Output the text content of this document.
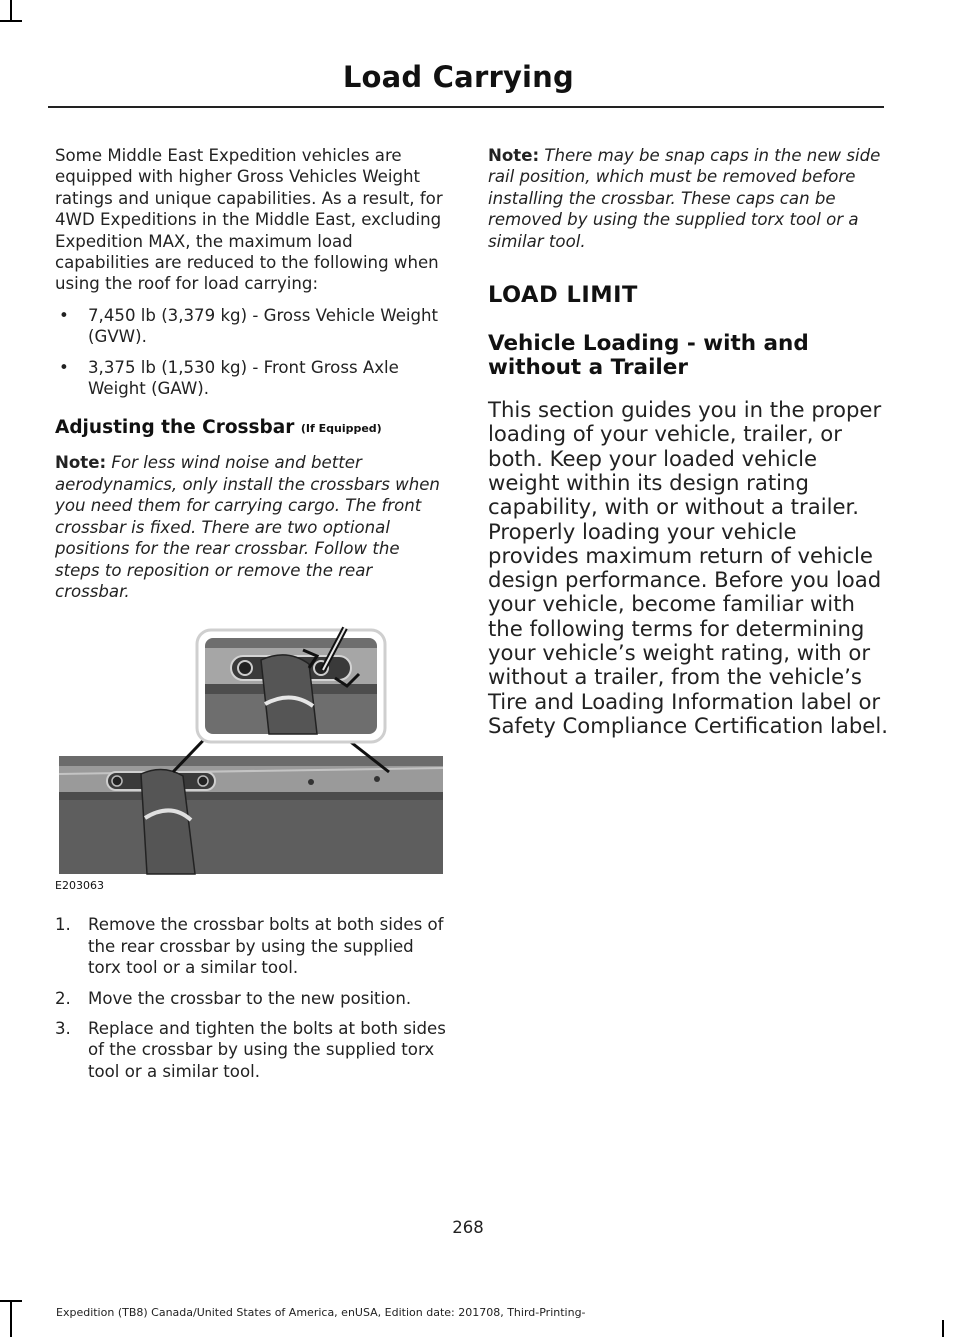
Load Carrying

Some Middle East Expedition vehicles are equipped with higher Gross Vehicles Weight ratings and unique capabilities. As a result, for 4WD Expeditions in the Middle East, excluding Expedition MAX, the maximum load capabilities are reduced to the following when using the roof for load carrying:

• 7,450 lb (3,379 kg) - Gross Vehicle Weight (GVW).
• 3,375 lb (1,530 kg) - Front Gross Axle Weight (GAW).
Adjusting the Crossbar (If Equipped)

Note: For less wind noise and better aerodynamics, only install the crossbars when you need them for carrying cargo. The front crossbar is fixed. There are two optional positions for the rear crossbar. Follow the steps to reposition or remove the rear crossbar.

E203063
1. Remove the crossbar bolts at both sides of the rear crossbar by using the supplied torx tool or a similar tool.
2. Move the crossbar to the new position.
3. Replace and tighten the bolts at both sides of the crossbar by using the supplied torx tool or a similar tool.

Note: There may be snap caps in the new side rail position, which must be removed before installing the crossbar. These caps can be removed by using the supplied torx tool or a similar tool.

LOAD LIMIT
Vehicle Loading - with and without a Trailer

This section guides you in the proper loading of your vehicle, trailer, or both. Keep your loaded vehicle weight within its design rating capability, with or without a trailer. Properly loading your vehicle provides maximum return of vehicle design performance. Before you load your vehicle, become familiar with the following terms for determining your vehicle’s weight rating, with or without a trailer, from the vehicle’s Tire and Loading Information label or Safety Compliance Certification label.

268
Expedition (TB8) Canada/United States of America, enUSA, Edition date: 201708, Third-Printing-
